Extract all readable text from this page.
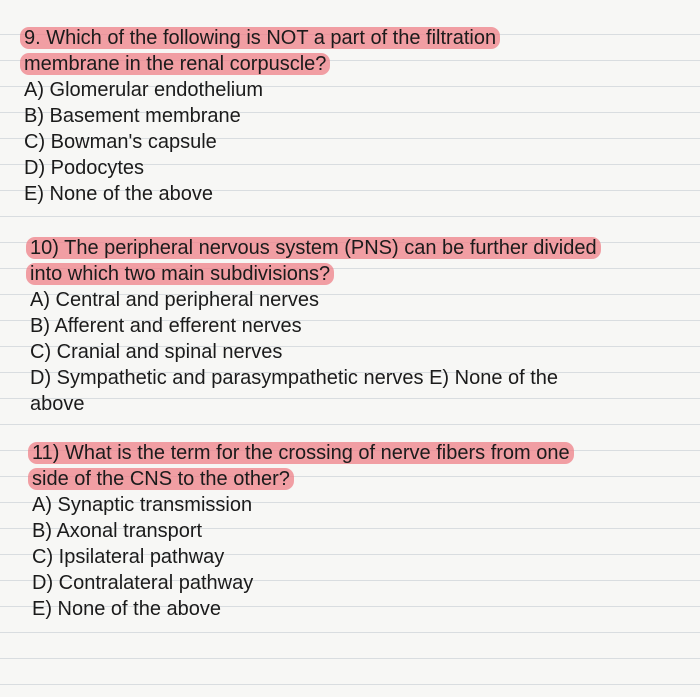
9. Which of the following is NOT a part of the filtration
membrane in the renal corpuscle?
A) Glomerular endothelium
B) Basement membrane
C) Bowman's capsule
D) Podocytes
E) None of the above
10) The peripheral nervous system (PNS) can be further divided
into which two main subdivisions?
A) Central and peripheral nerves
B) Afferent and efferent nerves
C) Cranial and spinal nerves
D) Sympathetic and parasympathetic nerves E) None of the
above
11) What is the term for the crossing of nerve fibers from one
side of the CNS to the other?
A) Synaptic transmission
B) Axonal transport
C) Ipsilateral pathway
D) Contralateral pathway
E) None of the above
